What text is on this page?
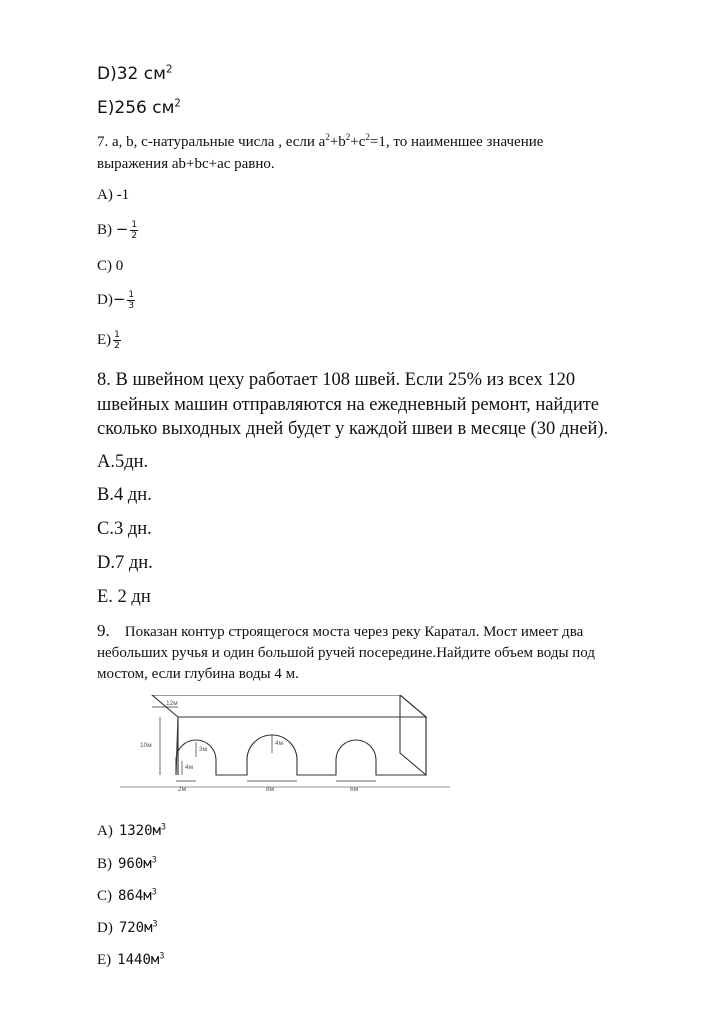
D)32 $см^2$
E)256 $см^2$
7. a, b, c-натуральные числа , если $a^2+b^2+c^2=1$, то наименшее значение
выражения ab+bc+ac равно.
A) -1
$B) - \frac{1}{2}$
C) 0
$D)- \frac{1}{3}$
$E) \frac{1}{2}$
8. В швейном цеху работает 108 швей. Если 25% из всех 120
швейных машин отправляются на ежедневный ремонт, найдите
сколько выходных дней будет у каждой швеи в месяце (30 дней).
A.5дн.
B.4 дн.
C.3 дн.
D.7 дн.
E. 2 дн
9. Показан контур строящегося моста через реку Каратал. Мост имеет два
небольших ручья и один большой ручей посередине.Найдите объем воды под
мостом, если глубина воды 4 м.
12м
10м
3м
4м
4м
2м	8м	6м
A) $1320м^3$
B) $960м^3$
C) $864м^3$
D) $720м^3$
E) $1440м^3$
